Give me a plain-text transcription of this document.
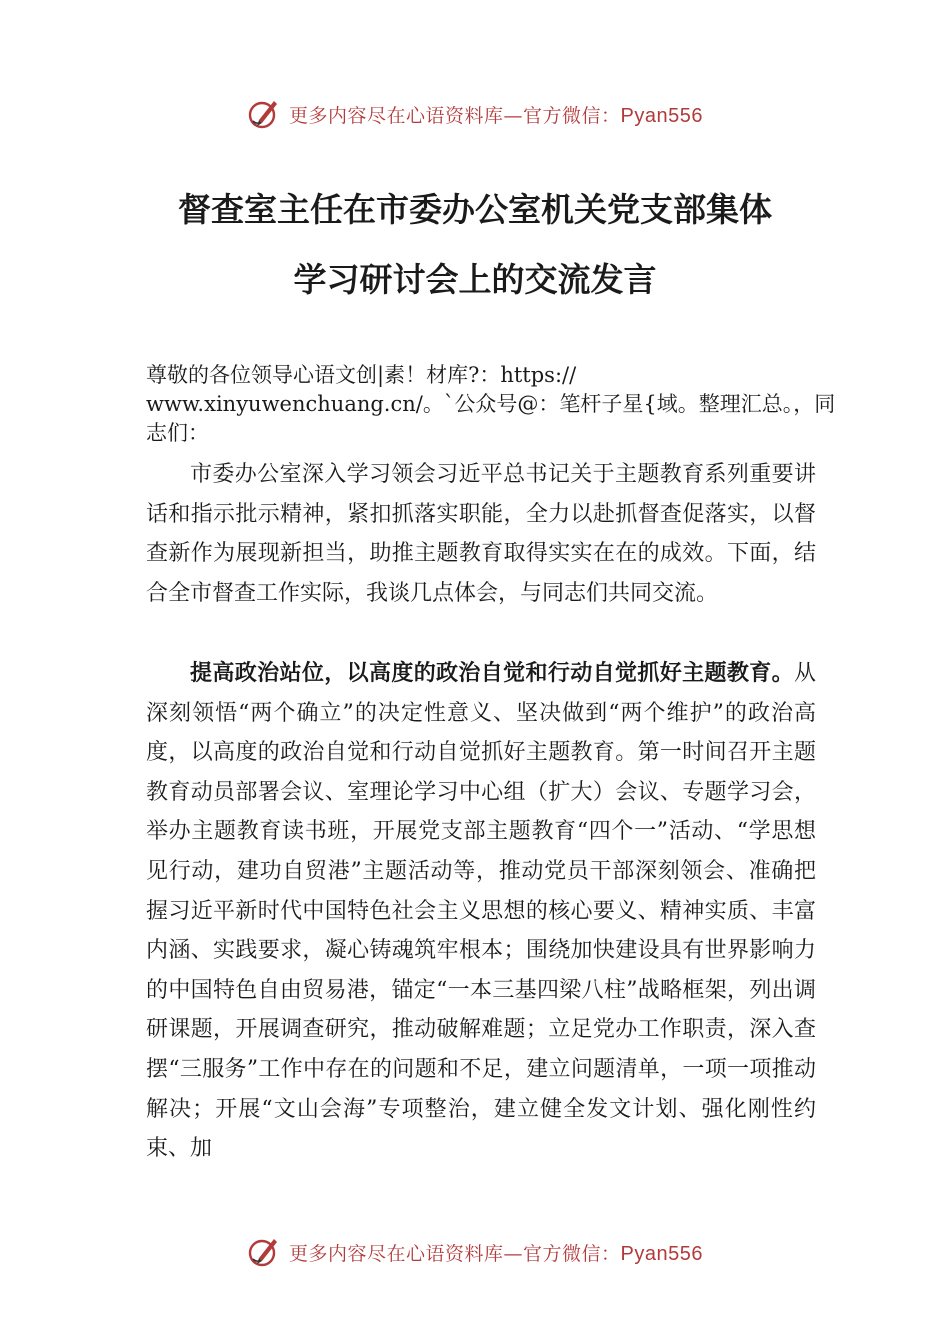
更多内容尽在心语资料库—官方微信：Pyan556
督查室主任在市委办公室机关党支部集体
学习研讨会上的交流发言

尊敬的各位领导心语文创|素！材库?：https://
www.xinyuwenchuang.cn/。`公众号@：笔杆子星{域。整理汇总。，同志们：

市委办公室深入学习领会习近平总书记关于主题教育系列重要讲话和指示批示精神，紧扣抓落实职能，全力以赴抓督查促落实，以督查新作为展现新担当，助推主题教育取得实实在在的成效。下面，结合全市督查工作实际，我谈几点体会，与同志们共同交流。

提高政治站位，以高度的政治自觉和行动自觉抓好主题教育。从深刻领悟“两个确立”的决定性意义、坚决做到“两个维护”的政治高度，以高度的政治自觉和行动自觉抓好主题教育。第一时间召开主题教育动员部署会议、室理论学习中心组（扩大）会议、专题学习会，举办主题教育读书班，开展党支部主题教育“四个一”活动、“学思想见行动，建功自贸港”主题活动等，推动党员干部深刻领会、准确把握习近平新时代中国特色社会主义思想的核心要义、精神实质、丰富内涵、实践要求，凝心铸魂筑牢根本；围绕加快建设具有世界影响力的中国特色自由贸易港，锚定“一本三基四梁八柱”战略框架，列出调研课题，开展调查研究，推动破解难题；立足党办工作职责，深入查摆“三服务”工作中存在的问题和不足，建立问题清单，一项一项推动解决；开展“文山会海”专项整治，建立健全发文计划、强化刚性约束、加

更多内容尽在心语资料库—官方微信：Pyan556
